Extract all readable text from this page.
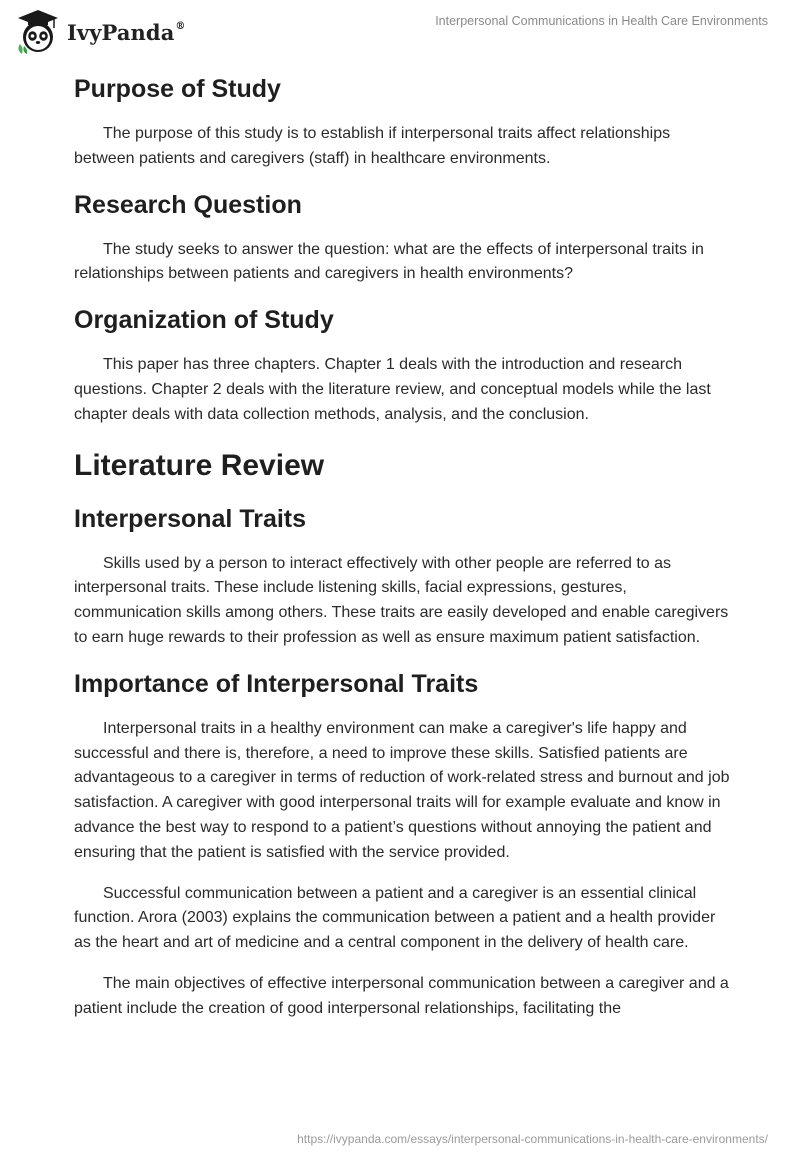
IvyPanda®	Interpersonal Communications in Health Care Environments
Purpose of Study

The purpose of this study is to establish if interpersonal traits affect relationships between patients and caregivers (staff) in healthcare environments.

Research Question

The study seeks to answer the question: what are the effects of interpersonal traits in relationships between patients and caregivers in health environments?

Organization of Study

This paper has three chapters. Chapter 1 deals with the introduction and research questions. Chapter 2 deals with the literature review, and conceptual models while the last chapter deals with data collection methods, analysis, and the conclusion.

Literature Review
Interpersonal Traits

Skills used by a person to interact effectively with other people are referred to as interpersonal traits. These include listening skills, facial expressions, gestures, communication skills among others. These traits are easily developed and enable caregivers to earn huge rewards to their profession as well as ensure maximum patient satisfaction.

Importance of Interpersonal Traits

Interpersonal traits in a healthy environment can make a caregiver's life happy and successful and there is, therefore, a need to improve these skills. Satisfied patients are advantageous to a caregiver in terms of reduction of work-related stress and burnout and job satisfaction. A caregiver with good interpersonal traits will for example evaluate and know in advance the best way to respond to a patient’s questions without annoying the patient and ensuring that the patient is satisfied with the service provided.

Successful communication between a patient and a caregiver is an essential clinical function. Arora (2003) explains the communication between a patient and a health provider as the heart and art of medicine and a central component in the delivery of health care.

The main objectives of effective interpersonal communication between a caregiver and a patient include the creation of good interpersonal relationships, facilitating the

https://ivypanda.com/essays/interpersonal-communications-in-health-care-environments/
